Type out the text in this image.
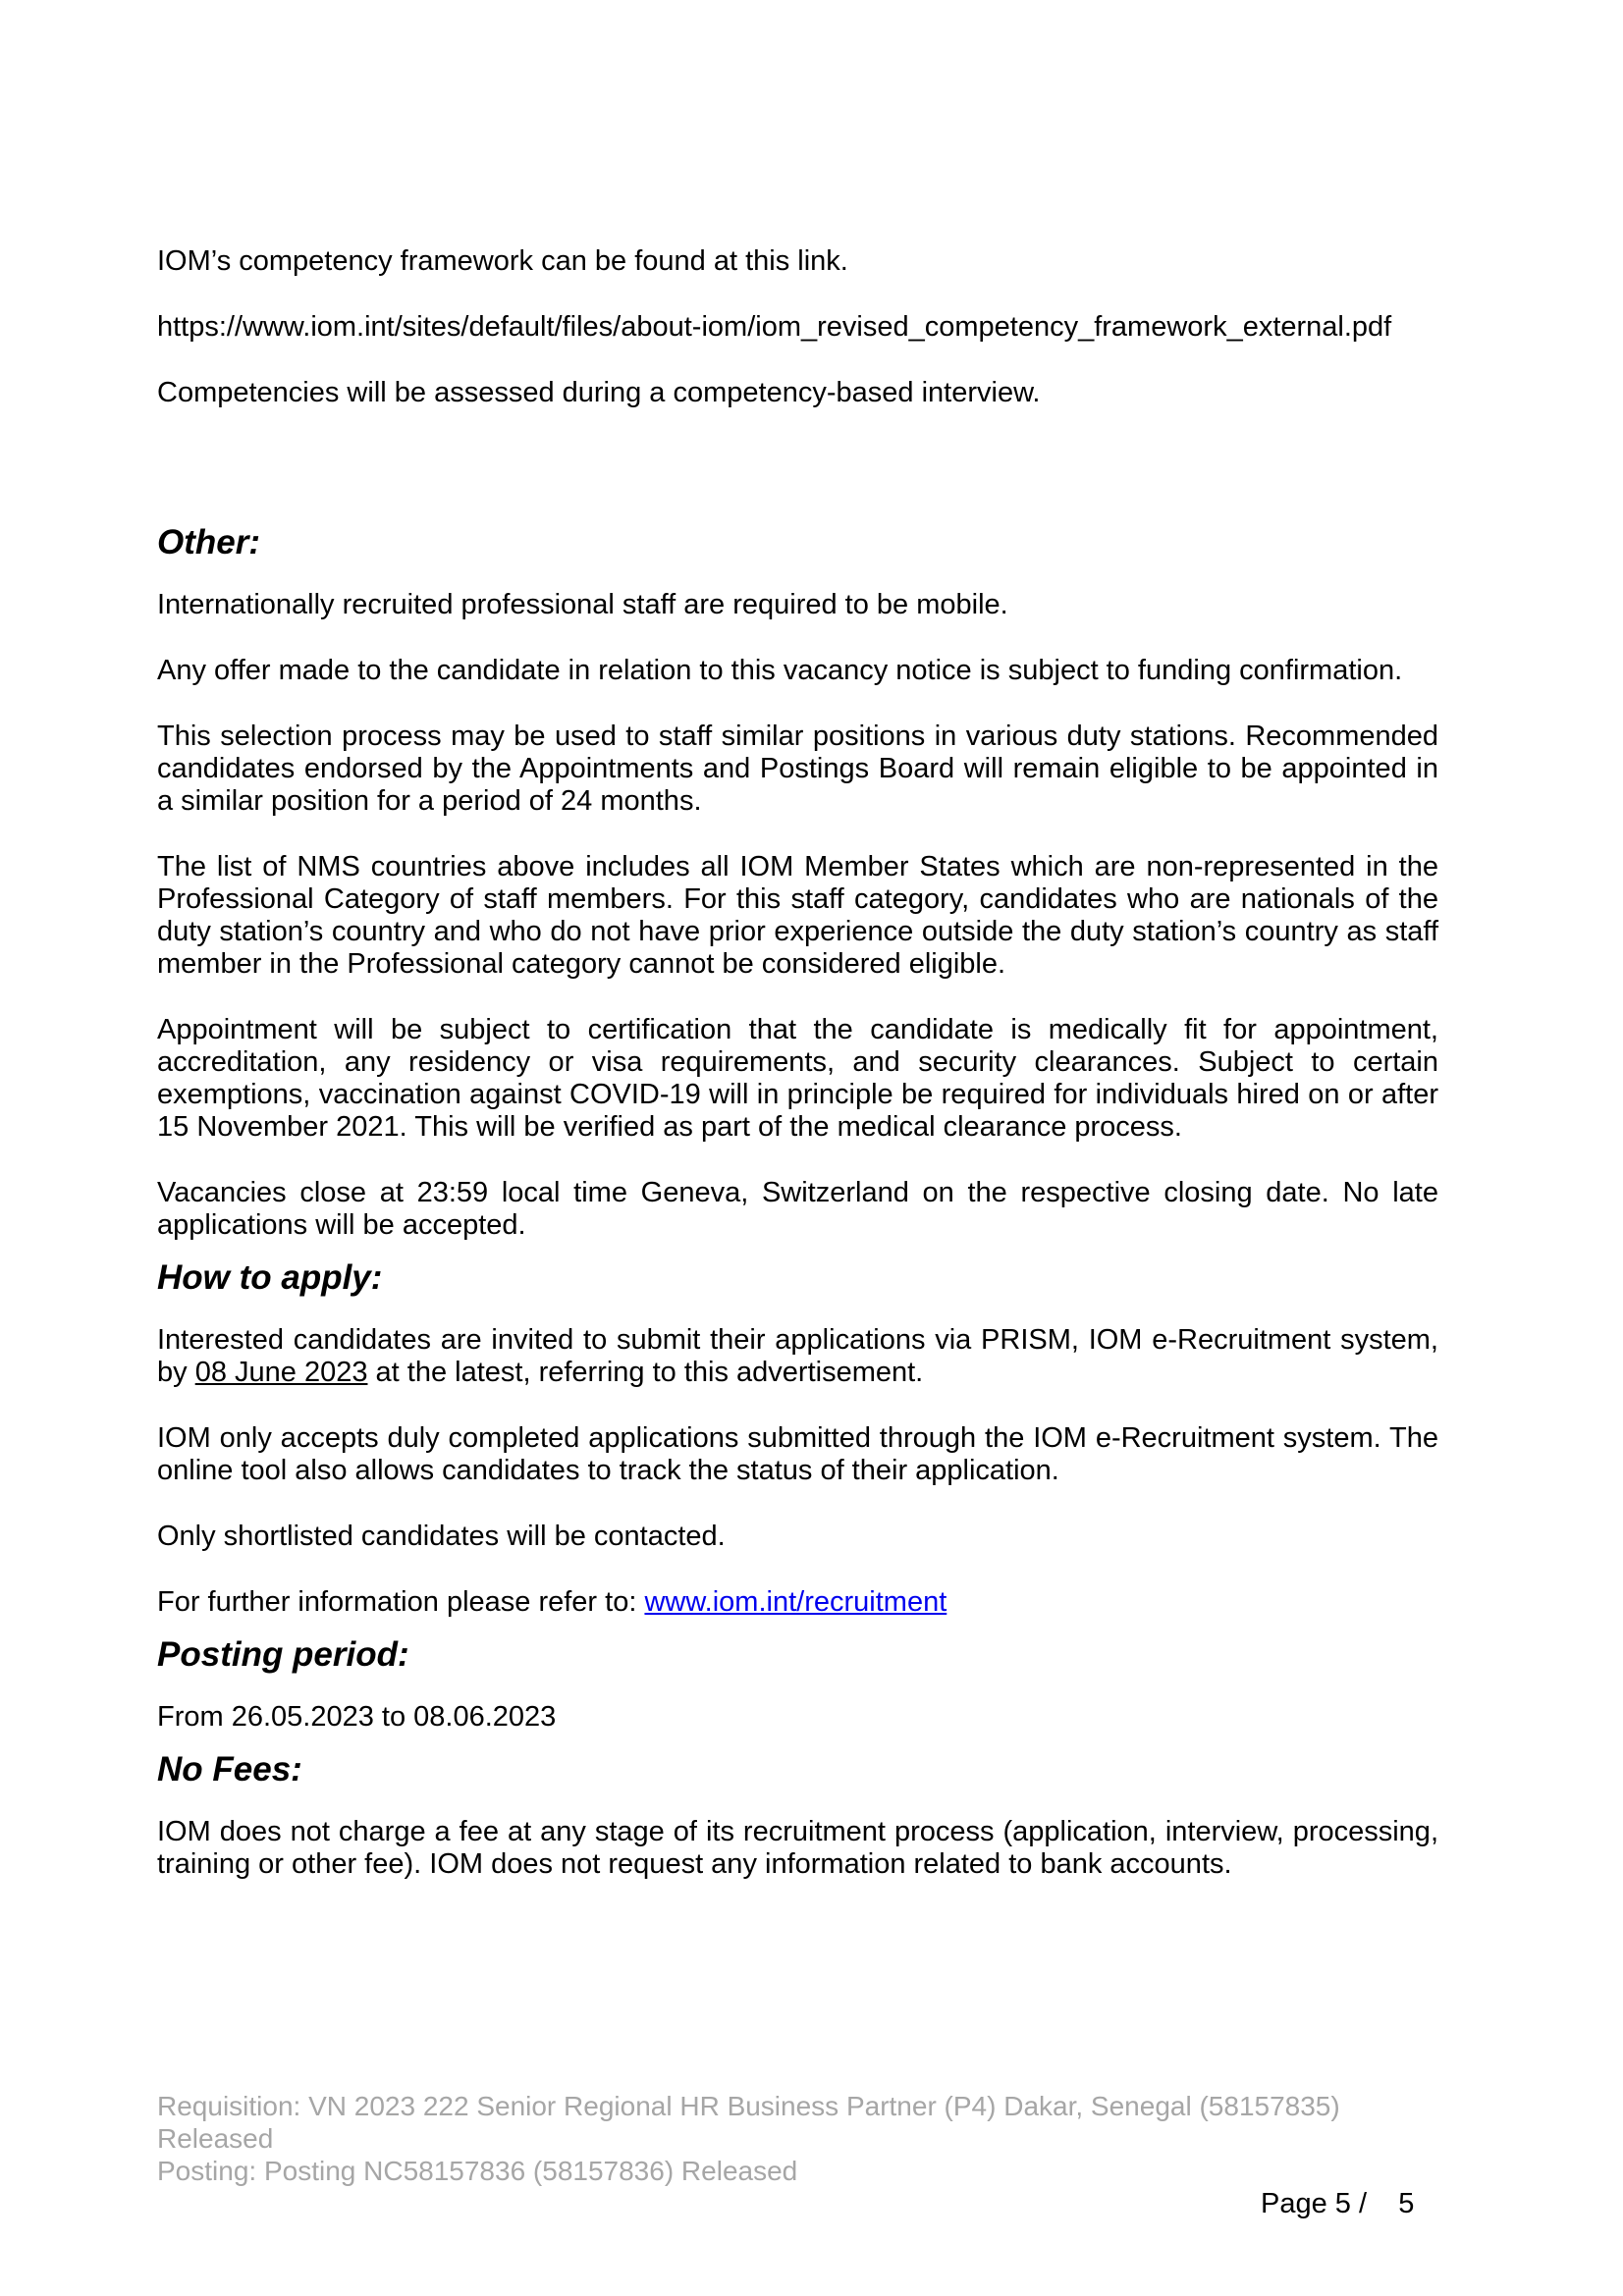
IOM’s competency framework can be found at this link.

https://www.iom.int/sites/default/files/about-iom/iom_revised_competency_framework_external.pdf

Competencies will be assessed during a competency-based interview.

Other:

Internationally recruited professional staff are required to be mobile.

Any offer made to the candidate in relation to this vacancy notice is subject to funding confirmation.

This selection process may be used to staff similar positions in various duty stations. Recommended candidates endorsed by the Appointments and Postings Board will remain eligible to be appointed in a similar position for a period of 24 months.

The list of NMS countries above includes all IOM Member States which are non-represented in the Professional Category of staff members. For this staff category, candidates who are nationals of the duty station’s country and who do not have prior experience outside the duty station’s country as staff member in the Professional category cannot be considered eligible.

Appointment will be subject to certification that the candidate is medically fit for appointment, accreditation, any residency or visa requirements, and security clearances. Subject to certain exemptions, vaccination against COVID-19 will in principle be required for individuals hired on or after 15 November 2021. This will be verified as part of the medical clearance process.

Vacancies close at 23:59 local time Geneva, Switzerland on the respective closing date. No late applications will be accepted.

How to apply:

Interested candidates are invited to submit their applications via PRISM, IOM e-Recruitment system, by 08 June 2023 at the latest, referring to this advertisement.

IOM only accepts duly completed applications submitted through the IOM e-Recruitment system. The online tool also allows candidates to track the status of their application.

Only shortlisted candidates will be contacted.

For further information please refer to: www.iom.int/recruitment

Posting period:

From 26.05.2023 to 08.06.2023

No Fees:

IOM does not charge a fee at any stage of its recruitment process (application, interview, processing, training or other fee). IOM does not request any information related to bank accounts.

Requisition: VN 2023 222 Senior Regional HR Business Partner (P4) Dakar, Senegal (58157835) Released

Posting: Posting NC58157836 (58157836) Released

Page 5 /    5
